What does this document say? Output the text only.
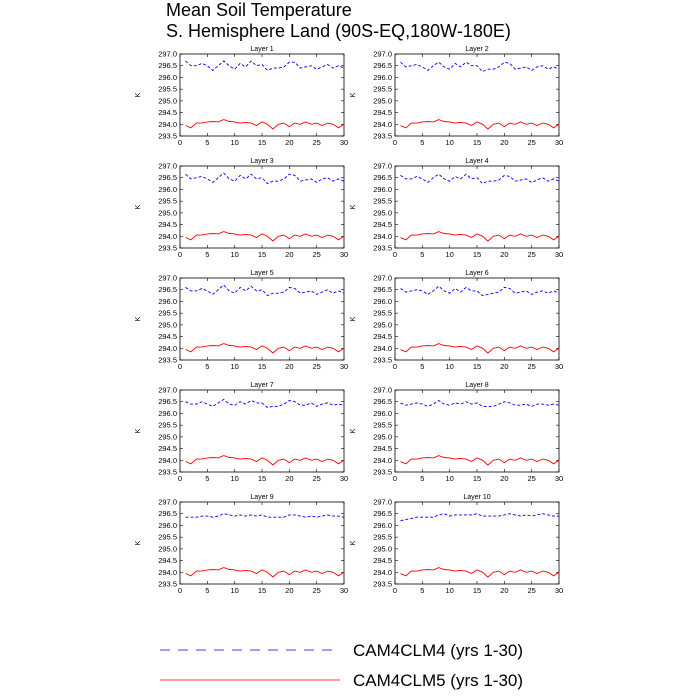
Mean Soil Temperature
S. Hemisphere Land (90S-EQ,180W-180E)
Layer 1
293.5
294.0
294.5
295.0
295.5
296.0
296.5
297.0
0	5	10	15	20	25	30
K
Layer 2
293.5
294.0
294.5
295.0
295.5
296.0
296.5
297.0
0	5	10	15	20	25	30
K
Layer 3
293.5
294.0
294.5
295.0
295.5
296.0
296.5
297.0
0	5	10	15	20	25	30
K
Layer 4
293.5
294.0
294.5
295.0
295.5
296.0
296.5
297.0
0	5	10	15	20	25	30
K
Layer 5
293.5
294.0
294.5
295.0
295.5
296.0
296.5
297.0
0	5	10	15	20	25	30
K
Layer 6
293.5
294.0
294.5
295.0
295.5
296.0
296.5
297.0
0	5	10	15	20	25	30
K
Layer 7
293.5
294.0
294.5
295.0
295.5
296.0
296.5
297.0
0	5	10	15	20	25	30
K
Layer 8
293.5
294.0
294.5
295.0
295.5
296.0
296.5
297.0
0	5	10	15	20	25	30
K
Layer 9
293.5
294.0
294.5
295.0
295.5
296.0
296.5
297.0
0	5	10	15	20	25	30
K
Layer 10
293.5
294.0
294.5
295.0
295.5
296.0
296.5
297.0
0	5	10	15	20	25	30
K
CAM4CLM4 (yrs 1-30)
CAM4CLM5 (yrs 1-30)
